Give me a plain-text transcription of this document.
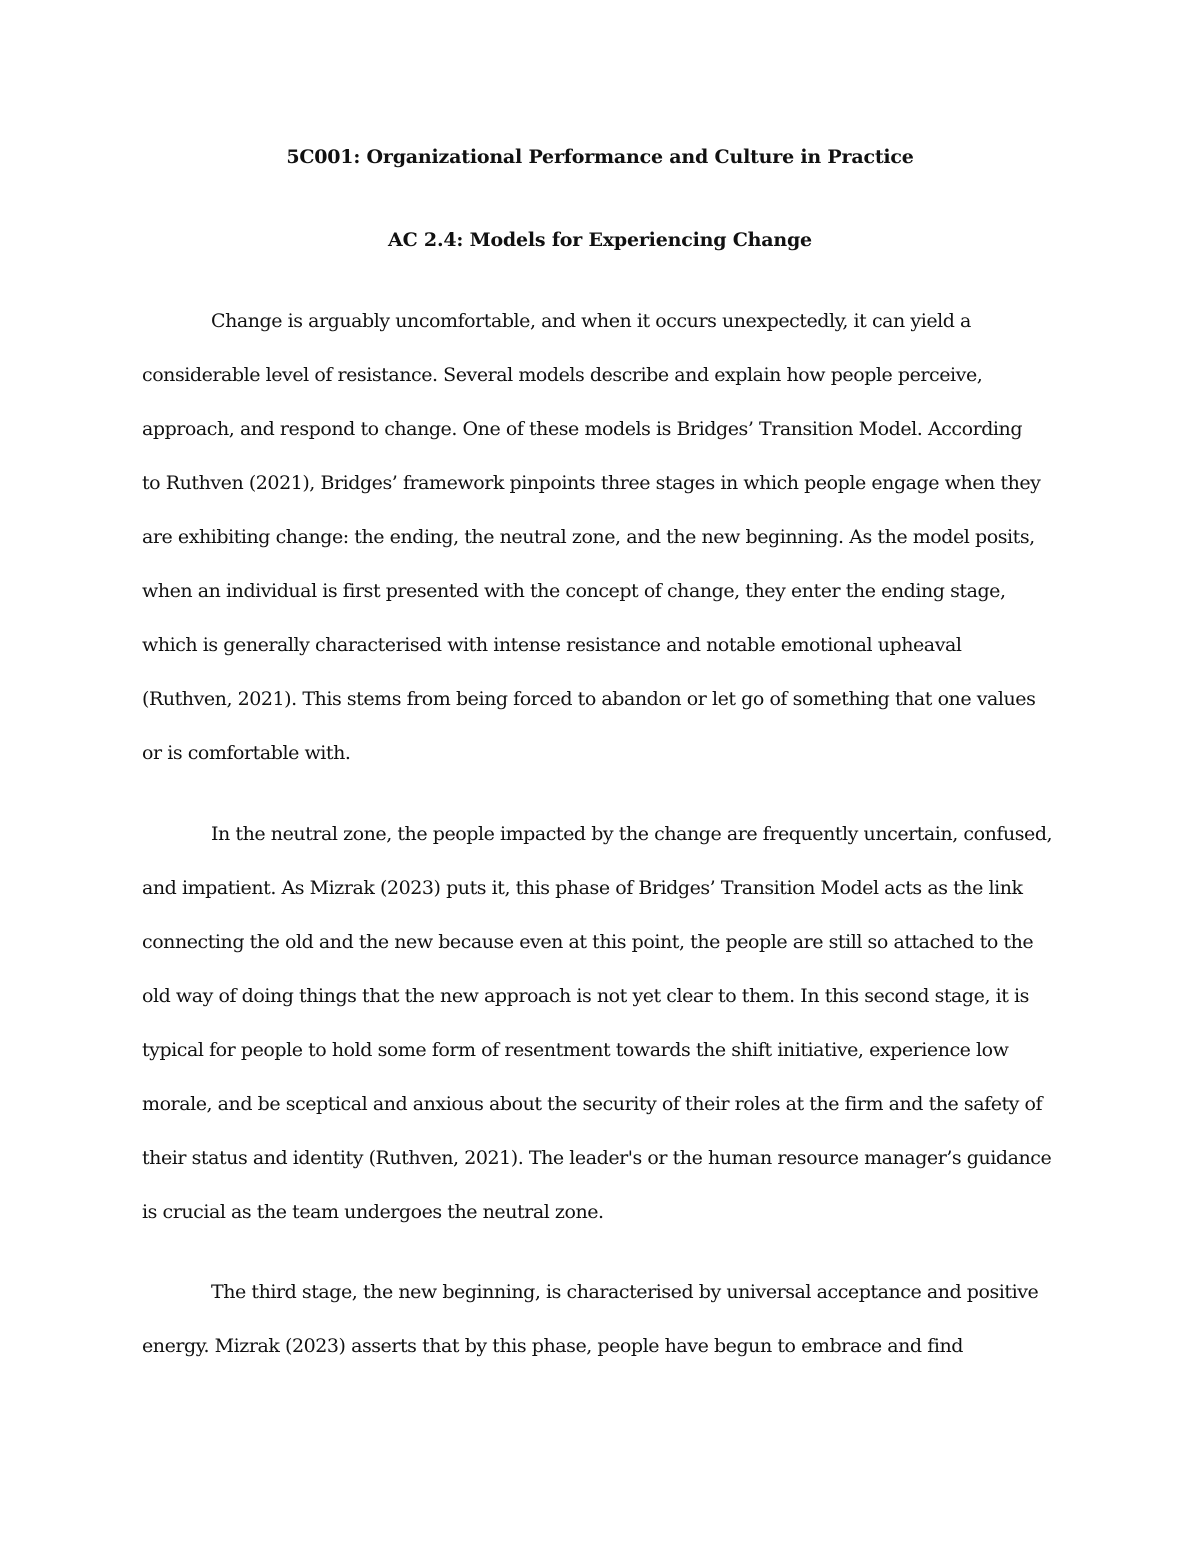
5C001: Organizational Performance and Culture in Practice
AC 2.4: Models for Experiencing Change

Change is arguably uncomfortable, and when it occurs unexpectedly, it can yield a
considerable level of resistance. Several models describe and explain how people perceive,
approach, and respond to change. One of these models is Bridges’ Transition Model. According
to Ruthven (2021), Bridges’ framework pinpoints three stages in which people engage when they
are exhibiting change: the ending, the neutral zone, and the new beginning. As the model posits,
when an individual is first presented with the concept of change, they enter the ending stage,
which is generally characterised with intense resistance and notable emotional upheaval
(Ruthven, 2021). This stems from being forced to abandon or let go of something that one values
or is comfortable with.

In the neutral zone, the people impacted by the change are frequently uncertain, confused,
and impatient. As Mizrak (2023) puts it, this phase of Bridges’ Transition Model acts as the link
connecting the old and the new because even at this point, the people are still so attached to the
old way of doing things that the new approach is not yet clear to them. In this second stage, it is
typical for people to hold some form of resentment towards the shift initiative, experience low
morale, and be sceptical and anxious about the security of their roles at the firm and the safety of
their status and identity (Ruthven, 2021). The leader's or the human resource manager’s guidance
is crucial as the team undergoes the neutral zone.

The third stage, the new beginning, is characterised by universal acceptance and positive
energy. Mizrak (2023) asserts that by this phase, people have begun to embrace and find
